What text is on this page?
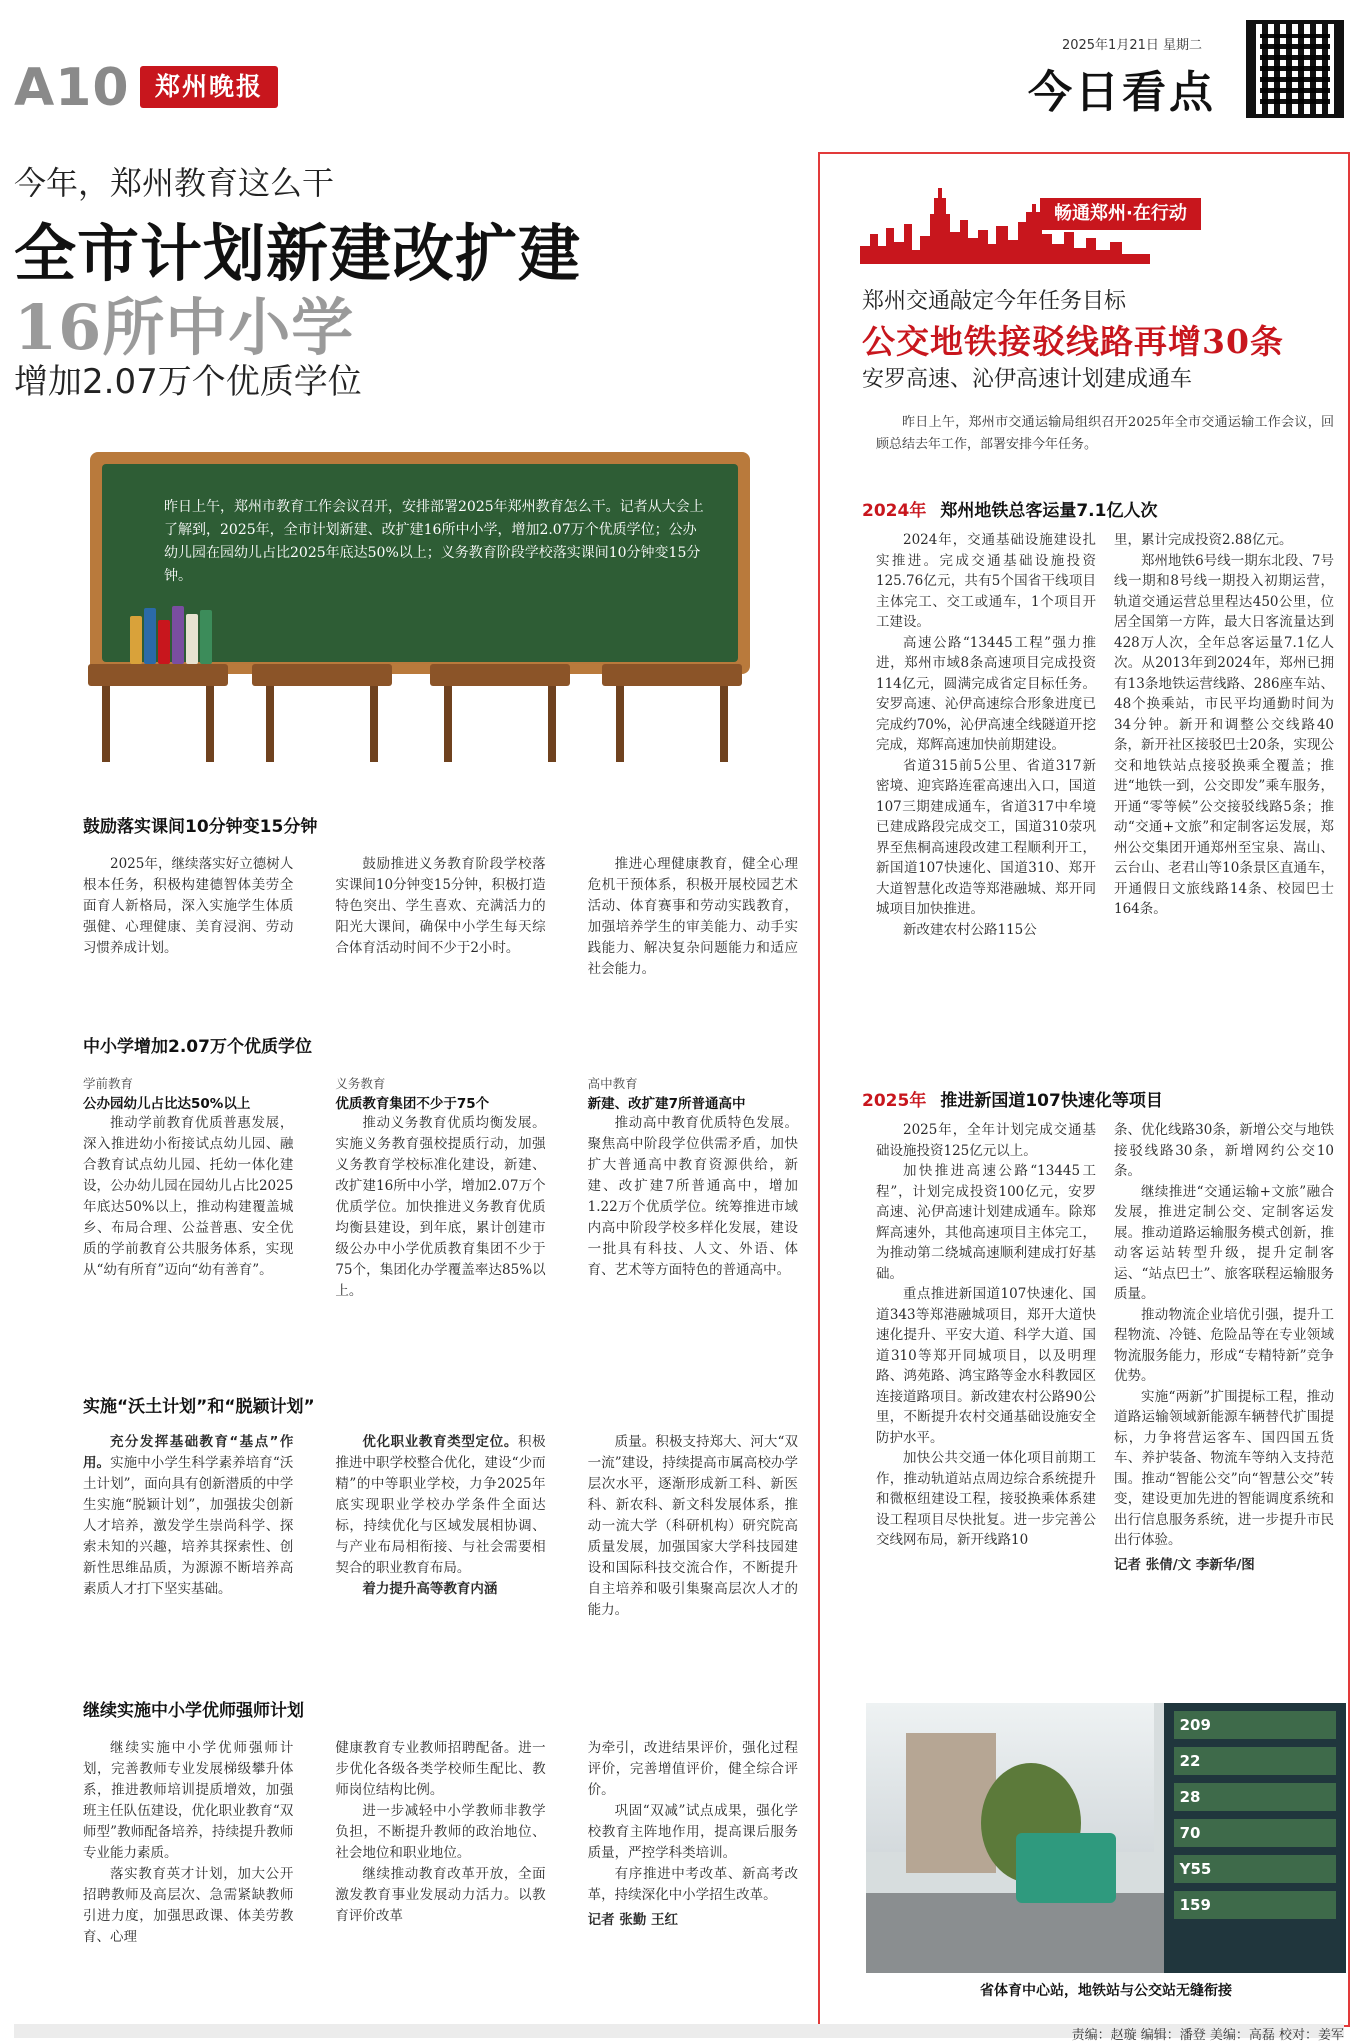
A10	郑州晚报
2025年1月21日 星期二
今日看点
今年，郑州教育这么干
全市计划新建改扩建
16所中小学
增加2.07万个优质学位
昨日上午，郑州市教育工作会议召开，安排部署2025年郑州教育怎么干。记者从大会上了解到，2025年，全市计划新建、改扩建16所中小学，增加2.07万个优质学位；公办幼儿园在园幼儿占比2025年底达50%以上；义务教育阶段学校落实课间10分钟变15分钟。
鼓励落实课间10分钟变15分钟

2025年，继续落实好立德树人根本任务，积极构建德智体美劳全面育人新格局，深入实施学生体质强健、心理健康、美育浸润、劳动习惯养成计划。

鼓励推进义务教育阶段学校落实课间10分钟变15分钟，积极打造特色突出、学生喜欢、充满活力的阳光大课间，确保中小学生每天综合体育活动时间不少于2小时。

推进心理健康教育，健全心理危机干预体系，积极开展校园艺术活动、体育赛事和劳动实践教育，加强培养学生的审美能力、动手实践能力、解决复杂问题能力和适应社会能力。

中小学增加2.07万个优质学位
学前教育
公办园幼儿占比达50%以上

推动学前教育优质普惠发展，深入推进幼小衔接试点幼儿园、融合教育试点幼儿园、托幼一体化建设，公办幼儿园在园幼儿占比2025年底达50%以上，推动构建覆盖城乡、布局合理、公益普惠、安全优质的学前教育公共服务体系，实现从“幼有所育”迈向“幼有善育”。

义务教育
优质教育集团不少于75个

推动义务教育优质均衡发展。实施义务教育强校提质行动，加强义务教育学校标准化建设，新建、改扩建16所中小学，增加2.07万个优质学位。加快推进义务教育优质均衡县建设，到年底，累计创建市级公办中小学优质教育集团不少于75个，集团化办学覆盖率达85%以上。

高中教育
新建、改扩建7所普通高中

推动高中教育优质特色发展。聚焦高中阶段学位供需矛盾，加快扩大普通高中教育资源供给，新建、改扩建7所普通高中，增加1.22万个优质学位。统筹推进市域内高中阶段学校多样化发展，建设一批具有科技、人文、外语、体育、艺术等方面特色的普通高中。

实施“沃土计划”和“脱颖计划”

充分发挥基础教育“基点”作用。实施中小学生科学素养培育“沃土计划”，面向具有创新潜质的中学生实施“脱颖计划”，加强拔尖创新人才培养，激发学生崇尚科学、探索未知的兴趣，培养其探索性、创新性思维品质，为源源不断培养高素质人才打下坚实基础。

优化职业教育类型定位。积极推进中职学校整合优化，建设“少而精”的中等职业学校，力争2025年底实现职业学校办学条件全面达标，持续优化与区域发展相协调、与产业布局相衔接、与社会需要相契合的职业教育布局。

着力提升高等教育内涵

质量。积极支持郑大、河大“双一流”建设，持续提高市属高校办学层次水平，逐渐形成新工科、新医科、新农科、新文科发展体系，推动一流大学（科研机构）研究院高质量发展，加强国家大学科技园建设和国际科技交流合作，不断提升自主培养和吸引集聚高层次人才的能力。

继续实施中小学优师强师计划

继续实施中小学优师强师计划，完善教师专业发展梯级攀升体系，推进教师培训提质增效，加强班主任队伍建设，优化职业教育“双师型”教师配备培养，持续提升教师专业能力素质。

落实教育英才计划，加大公开招聘教师及高层次、急需紧缺教师引进力度，加强思政课、体美劳教育、心理

健康教育专业教师招聘配备。进一步优化各级各类学校师生配比、教师岗位结构比例。

进一步减轻中小学教师非教学负担，不断提升教师的政治地位、社会地位和职业地位。

继续推动教育改革开放，全面激发教育事业发展动力活力。以教育评价改革

为牵引，改进结果评价，强化过程评价，完善增值评价，健全综合评价。

巩固“双减”试点成果，强化学校教育主阵地作用，提高课后服务质量，严控学科类培训。

有序推进中考改革、新高考改革，持续深化中小学招生改革。

记者 张勤 王红
畅通郑州·在行动
郑州交通敲定今年任务目标
公交地铁接驳线路再增30条
安罗高速、沁伊高速计划建成通车
昨日上午，郑州市交通运输局组织召开2025年全市交通运输工作会议，回顾总结去年工作，部署安排今年任务。
2024年 郑州地铁总客运量7.1亿人次

2024年，交通基础设施建设扎实推进。完成交通基础设施投资125.76亿元，共有5个国省干线项目主体完工、交工或通车，1个项目开工建设。

高速公路“13445工程”强力推进，郑州市域8条高速项目完成投资114亿元，圆满完成省定目标任务。安罗高速、沁伊高速综合形象进度已完成约70%，沁伊高速全线隧道开挖完成，郑辉高速加快前期建设。

省道315前5公里、省道317新密境、迎宾路连霍高速出入口，国道107三期建成通车，省道317中牟境已建成路段完成交工，国道310荥巩界至焦桐高速段改建工程顺利开工，新国道107快速化、国道310、郑开大道智慧化改造等郑港融城、郑开同城项目加快推进。

新改建农村公路115公

里，累计完成投资2.88亿元。

郑州地铁6号线一期东北段、7号线一期和8号线一期投入初期运营，轨道交通运营总里程达450公里，位居全国第一方阵，最大日客流量达到428万人次，全年总客运量7.1亿人次。从2013年到2024年，郑州已拥有13条地铁运营线路、286座车站、48个换乘站，市民平均通勤时间为34分钟。新开和调整公交线路40条，新开社区接驳巴士20条，实现公交和地铁站点接驳换乘全覆盖；推进“地铁一到，公交即发”乘车服务，开通“零等候”公交接驳线路5条；推动“交通+文旅”和定制客运发展，郑州公交集团开通郑州至宝泉、嵩山、云台山、老君山等10条景区直通车，开通假日文旅线路14条、校园巴士164条。

2025年 推进新国道107快速化等项目

2025年，全年计划完成交通基础设施投资125亿元以上。

加快推进高速公路“13445工程”，计划完成投资100亿元，安罗高速、沁伊高速计划建成通车。除郑辉高速外，其他高速项目主体完工，为推动第二绕城高速顺利建成打好基础。

重点推进新国道107快速化、国道343等郑港融城项目，郑开大道快速化提升、平安大道、科学大道、国道310等郑开同城项目，以及明理路、鸿苑路、鸿宝路等金水科教园区连接道路项目。新改建农村公路90公里，不断提升农村交通基础设施安全防护水平。

加快公共交通一体化项目前期工作，推动轨道站点周边综合系统提升和微枢纽建设工程，接驳换乘体系建设工程项目尽快批复。进一步完善公交线网布局，新开线路10

条、优化线路30条，新增公交与地铁接驳线路30条，新增网约公交10条。

继续推进“交通运输+文旅”融合发展，推进定制公交、定制客运发展。推动道路运输服务模式创新，推动客运站转型升级，提升定制客运、“站点巴士”、旅客联程运输服务质量。

推动物流企业培优引强，提升工程物流、冷链、危险品等在专业领域物流服务能力，形成“专精特新”竞争优势。

实施“两新”扩围提标工程，推动道路运输领域新能源车辆替代扩围提标，力争将营运客车、国四国五货车、养护装备、物流车等纳入支持范围。推动“智能公交”向“智慧公交”转变，建设更加先进的智能调度系统和出行信息服务系统，进一步提升市民出行体验。

记者 张倩/文 李新华/图
209
22
28
70
Y55
159
省体育中心站，地铁站与公交站无缝衔接
责编：赵璇 编辑：潘登 美编：高磊 校对：姜军
